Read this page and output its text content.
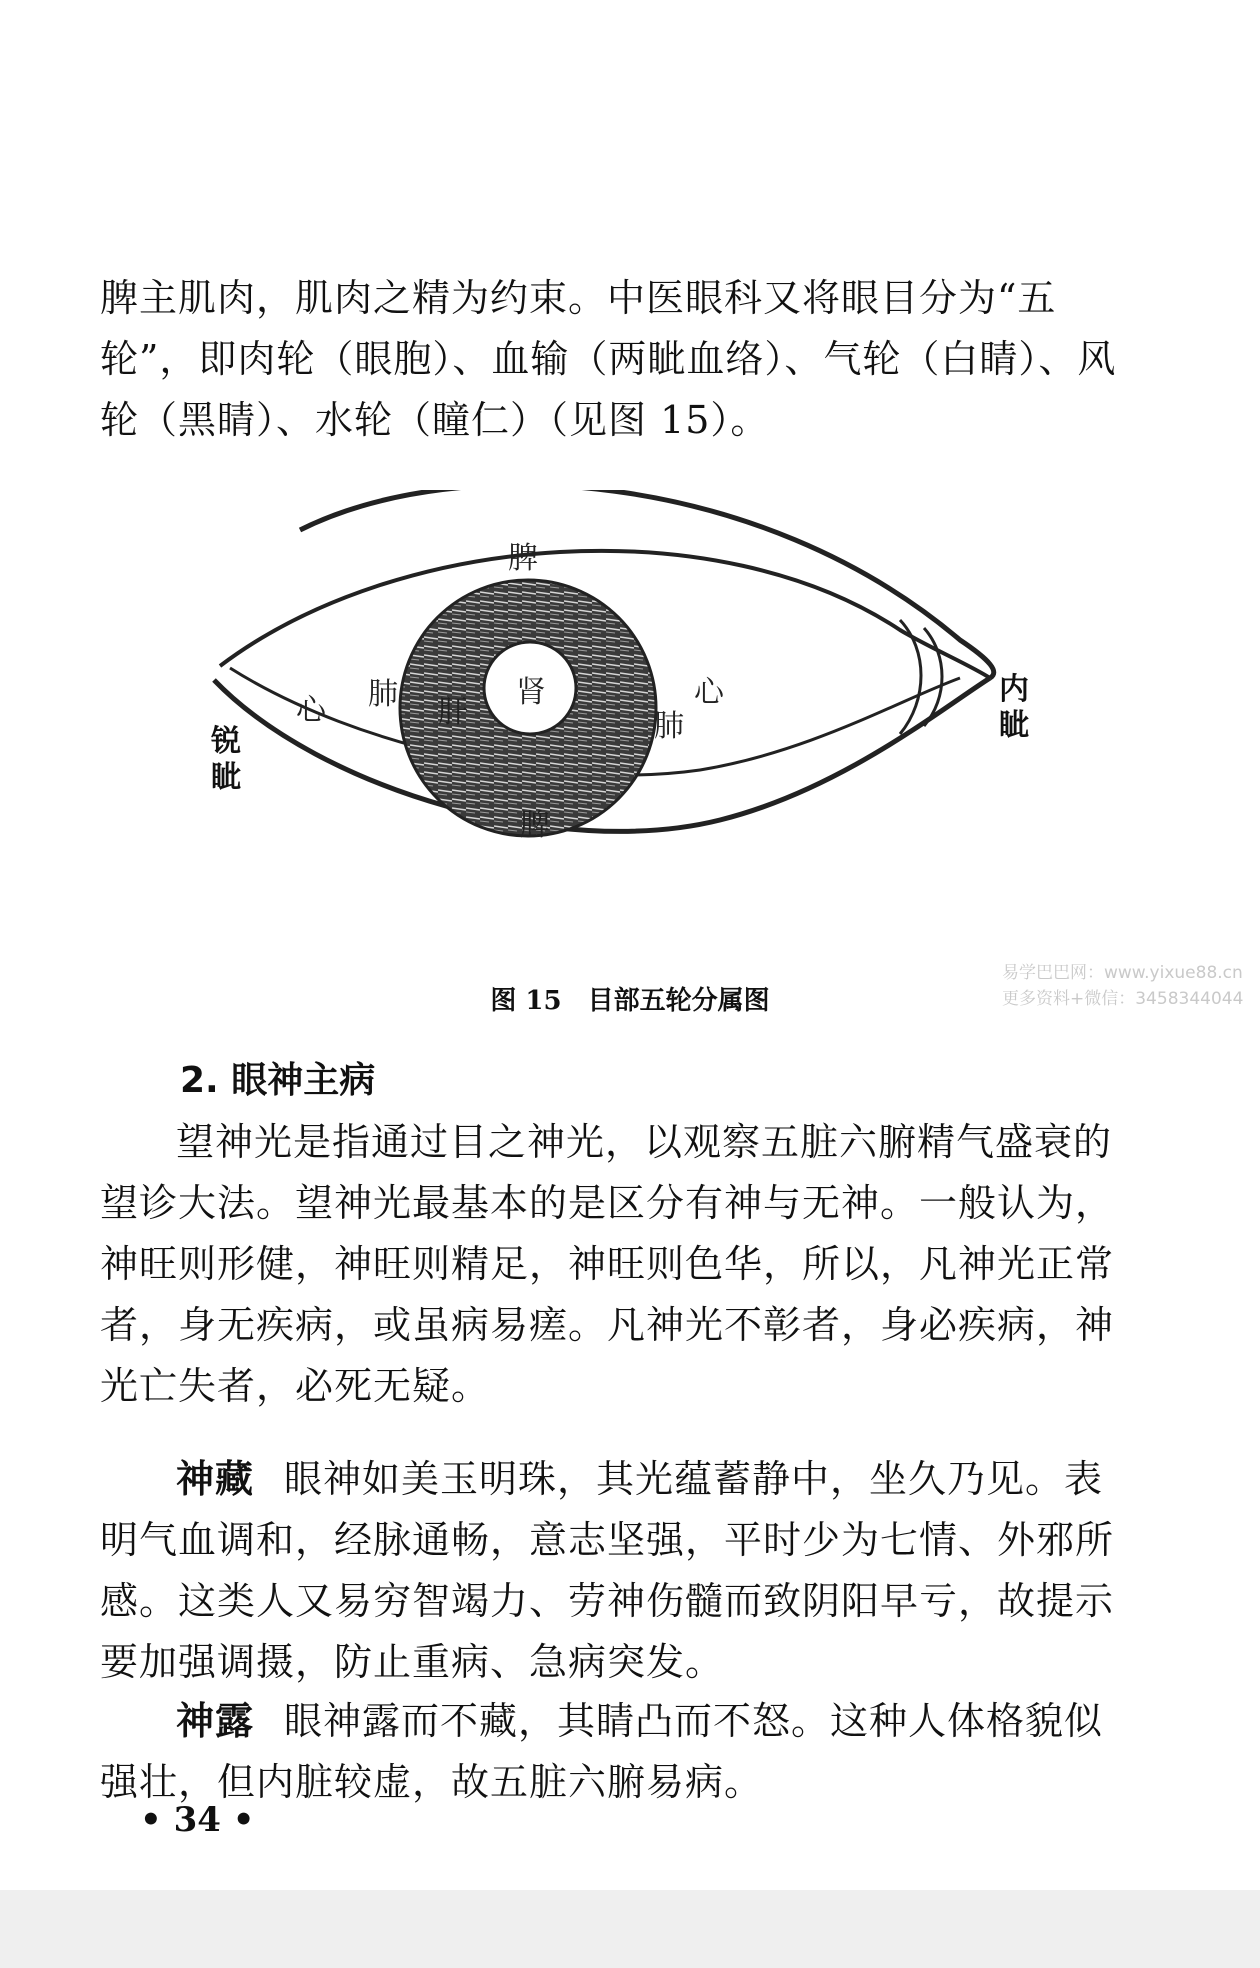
脾主肌肉，肌肉之精为约束。中医眼科又将眼目分为“五轮”，即肉轮（眼胞）、血输（两眦血络）、气轮（白睛）、风轮（黑睛）、水轮（瞳仁）（见图 15）。

脾
脾
心
心
肺
肺
肝
肾
锐眦
内眦

图 15　目部五轮分属图

2. 眼神主病

望神光是指通过目之神光，以观察五脏六腑精气盛衰的望诊大法。望神光最基本的是区分有神与无神。一般认为，神旺则形健，神旺则精足，神旺则色华，所以，凡神光正常者，身无疾病，或虽病易瘥。凡神光不彰者，身必疾病，神光亡失者，必死无疑。

神藏 眼神如美玉明珠，其光蕴蓄静中，坐久乃见。表明气血调和，经脉通畅，意志坚强，平时少为七情、外邪所感。这类人又易穷智竭力、劳神伤髓而致阴阳早亏，故提示要加强调摄，防止重病、急病突发。

神露 眼神露而不藏，其睛凸而不怒。这种人体格貌似强壮，但内脏较虚，故五脏六腑易病。

• 34 •

易学巴巴网：www.yixue88.cn
更多资料+微信：3458344044
